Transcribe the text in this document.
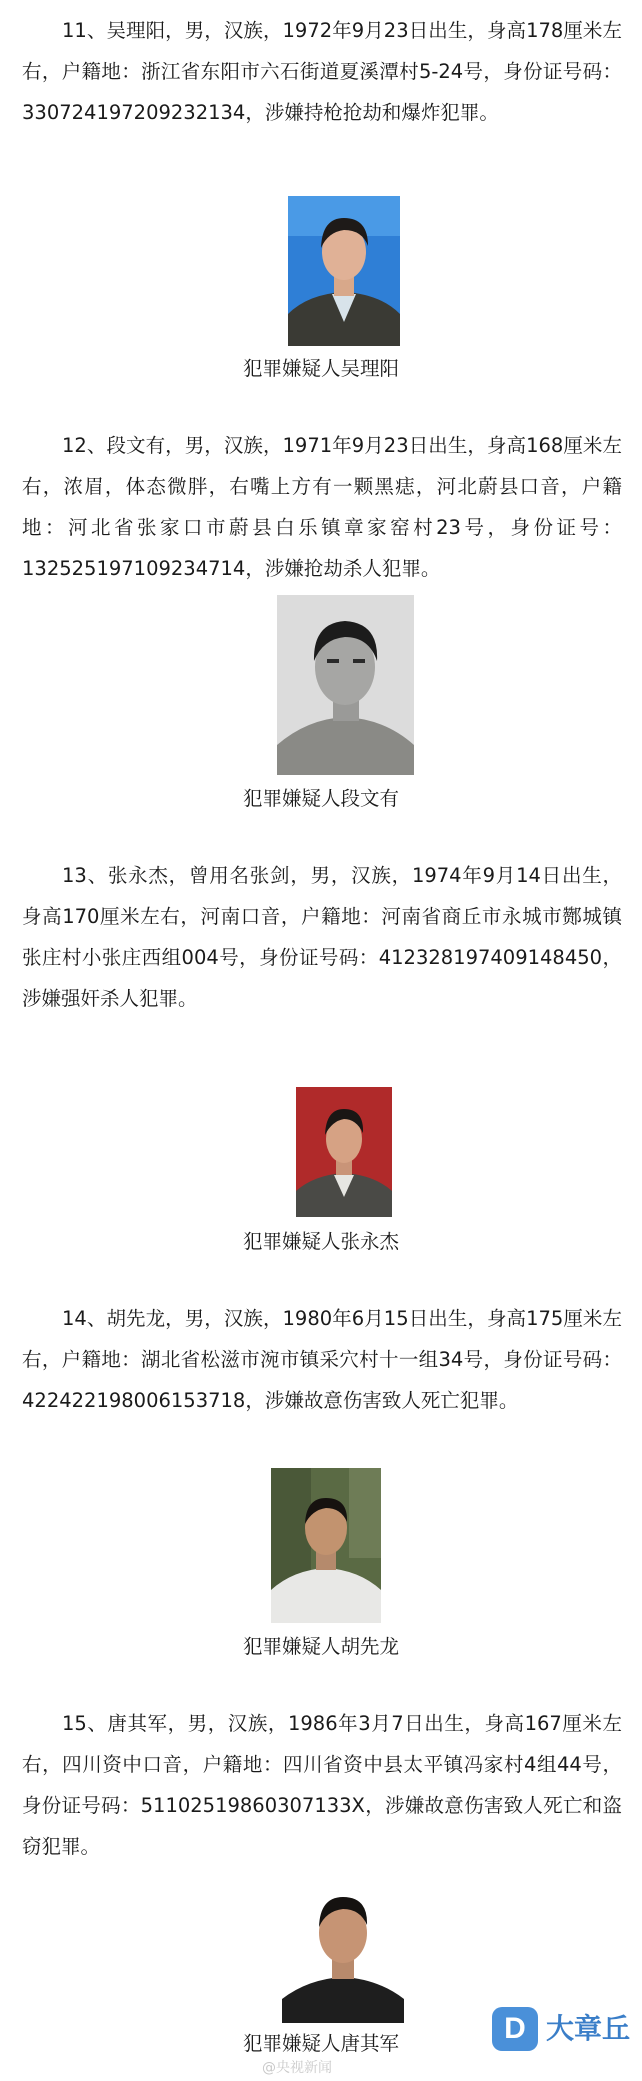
11、吴理阳，男，汉族，1972年9月23日出生，身高178厘米左右，户籍地：浙江省东阳市六石街道夏溪潭村5-24号，身份证号码：330724197209232134，涉嫌持枪抢劫和爆炸犯罪。

犯罪嫌疑人吴理阳

12、段文有，男，汉族，1971年9月23日出生，身高168厘米左右，浓眉，体态微胖，右嘴上方有一颗黑痣，河北蔚县口音，户籍地：河北省张家口市蔚县白乐镇章家窑村23号，身份证号：132525197109234714，涉嫌抢劫杀人犯罪。

犯罪嫌疑人段文有

13、张永杰，曾用名张剑，男，汉族，1974年9月14日出生，身高170厘米左右，河南口音，户籍地：河南省商丘市永城市酂城镇张庄村小张庄西组004号，身份证号码：412328197409148450，涉嫌强奸杀人犯罪。

犯罪嫌疑人张永杰

14、胡先龙，男，汉族，1980年6月15日出生，身高175厘米左右，户籍地：湖北省松滋市涴市镇采穴村十一组34号，身份证号码：422422198006153718，涉嫌故意伤害致人死亡犯罪。

犯罪嫌疑人胡先龙

15、唐其军，男，汉族，1986年3月7日出生，身高167厘米左右，四川资中口音，户籍地：四川省资中县太平镇冯家村4组44号，身份证号码：51102519860307133X，涉嫌故意伤害致人死亡和盗窃犯罪。

犯罪嫌疑人唐其军
@央视新闻
D 大章丘
